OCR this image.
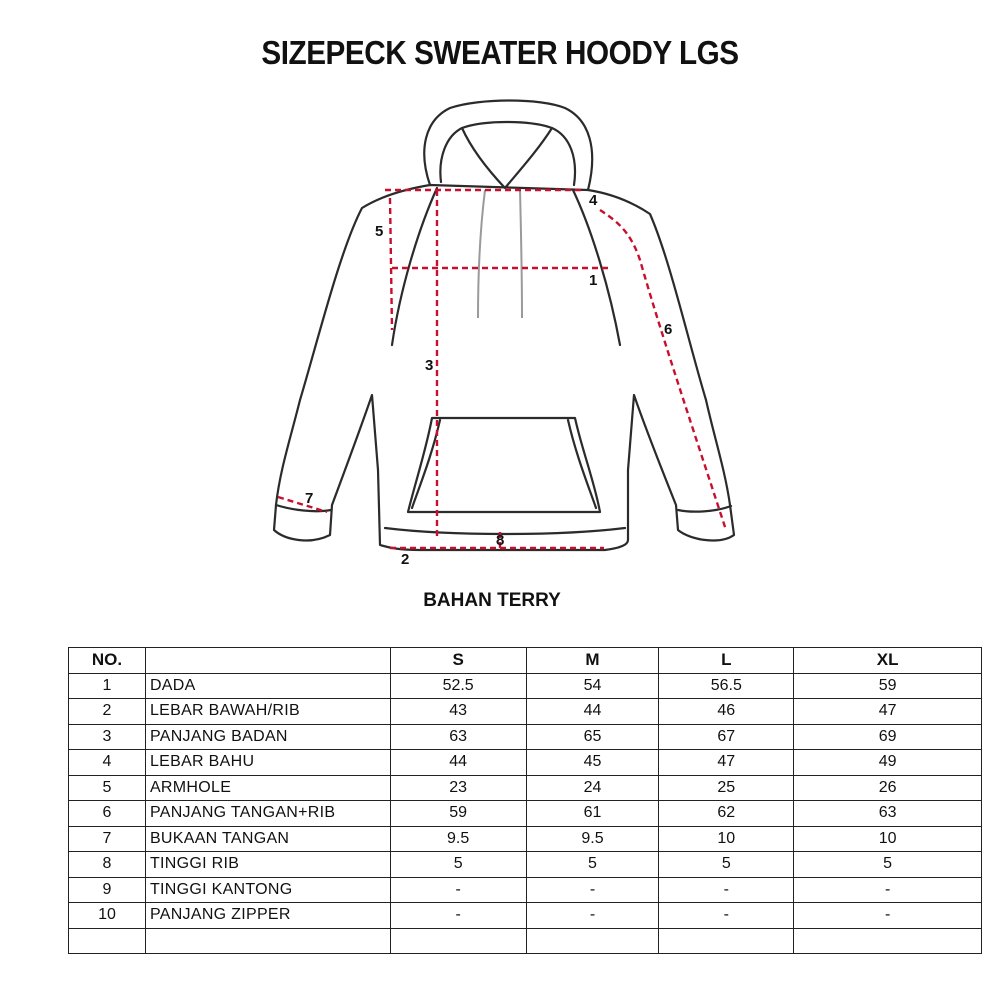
SIZEPECK SWEATER HOODY LGS
1
2
3
4
5
6
7
8
BAHAN TERRY
NO.		S	M	L	XL
1	DADA	52.5	54	56.5	59
2	LEBAR BAWAH/RIB	43	44	46	47
3	PANJANG BADAN	63	65	67	69
4	LEBAR BAHU	44	45	47	49
5	ARMHOLE	23	24	25	26
6	PANJANG TANGAN+RIB	59	61	62	63
7	BUKAAN TANGAN	9.5	9.5	10	10
8	TINGGI RIB	5	5	5	5
9	TINGGI KANTONG	-	-	-	-
10	PANJANG ZIPPER	-	-	-	-
